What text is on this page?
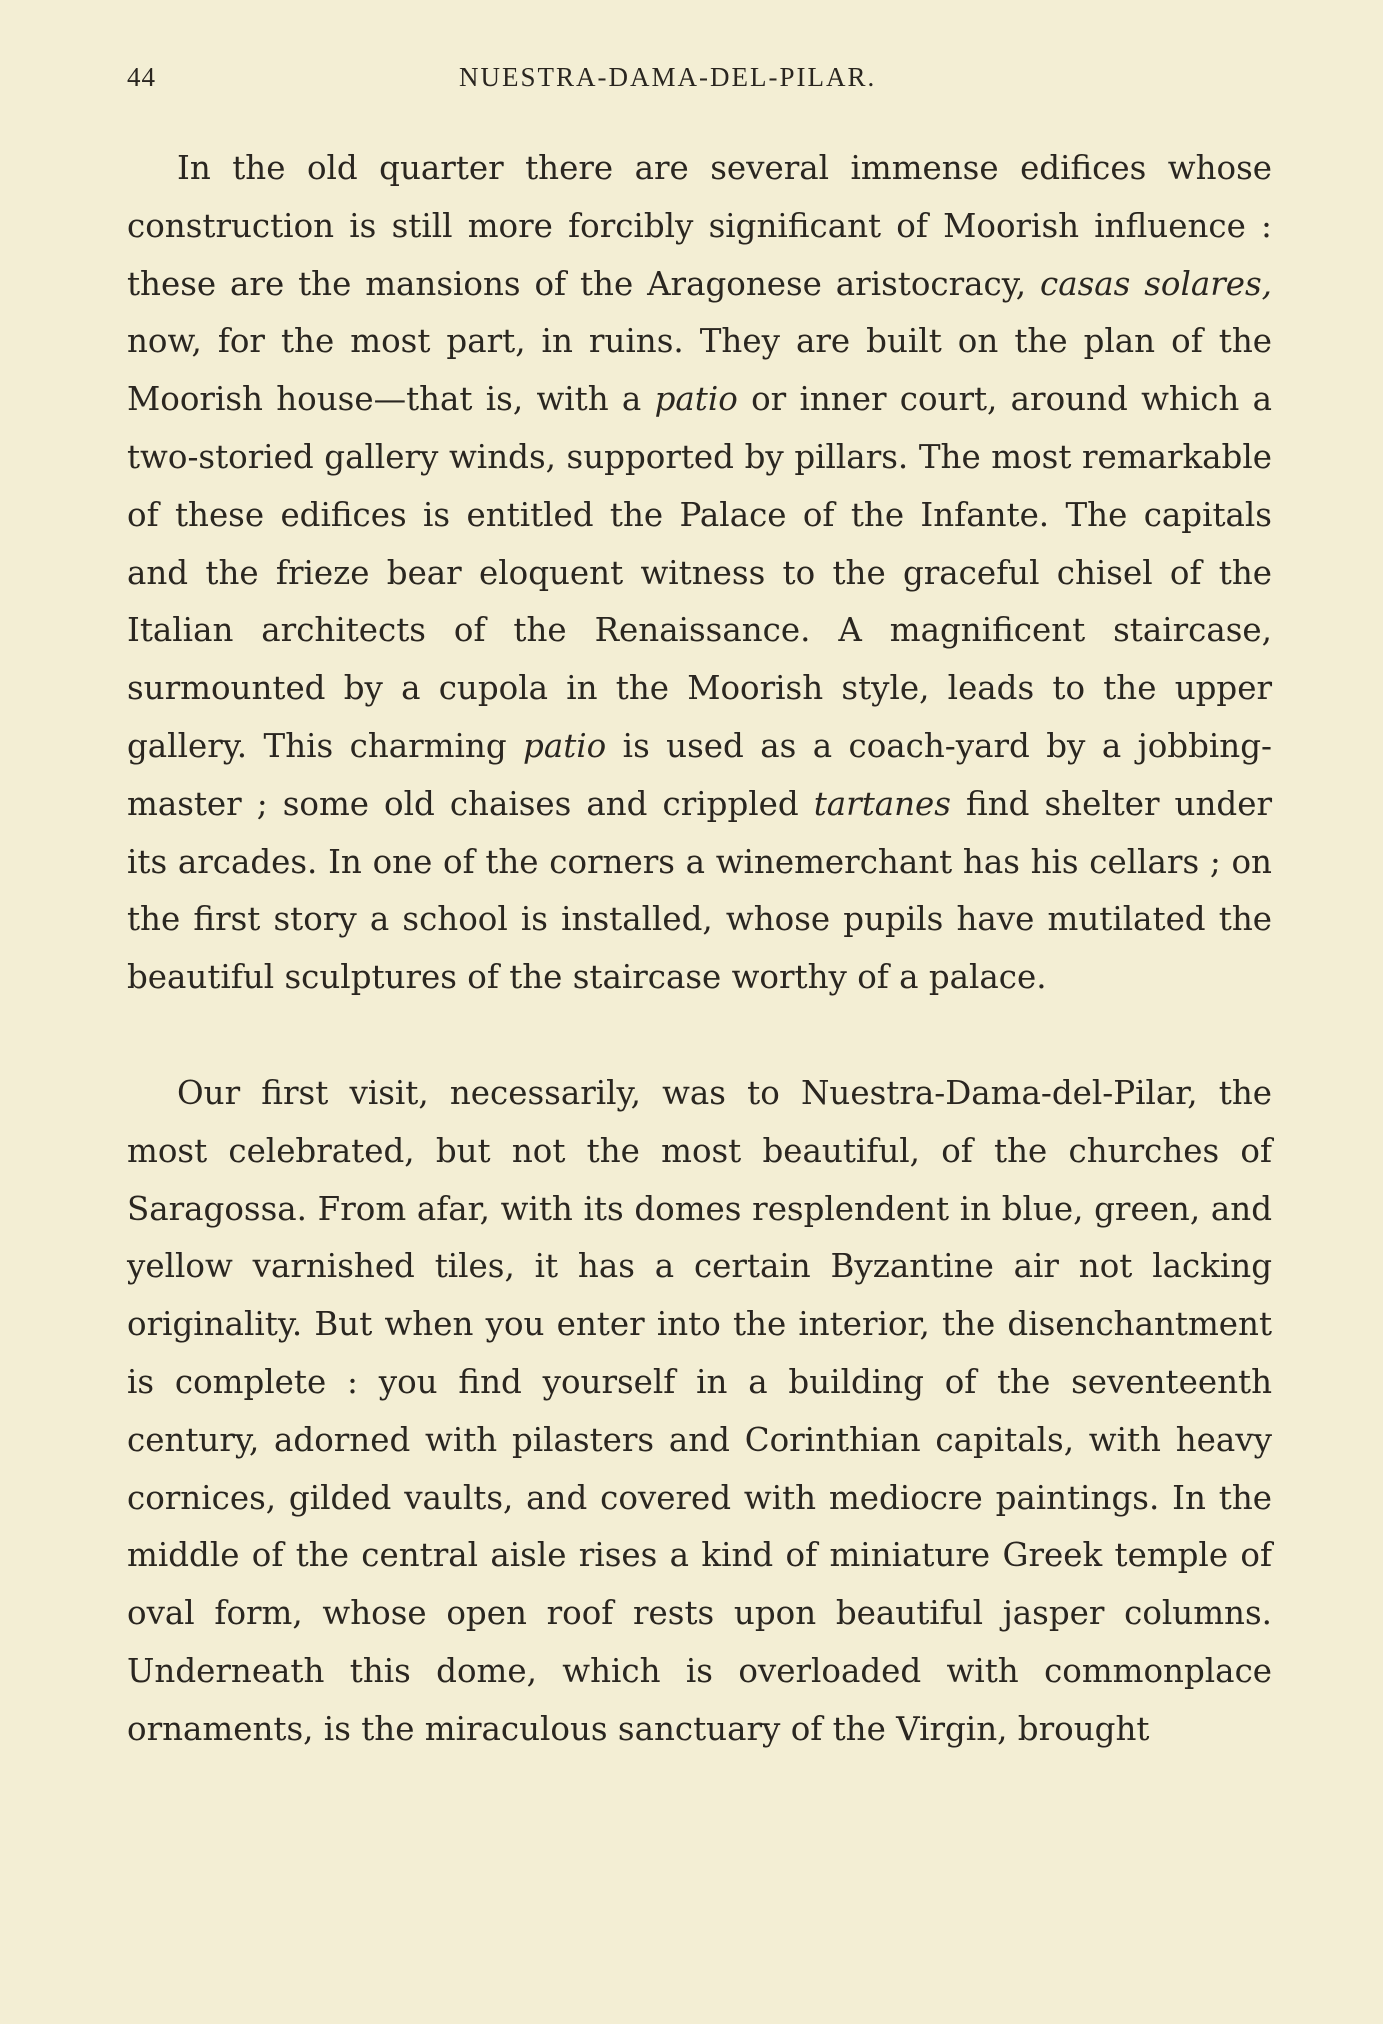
44	NUESTRA-DAMA-DEL-PILAR.

In the old quarter there are several immense edifices whose construction is still more forcibly significant of Moorish influence : these are the mansions of the Aragonese aristocracy, casas solares, now, for the most part, in ruins. They are built on the plan of the Moorish house—that is, with a patio or inner court, around which a two-storied gallery winds, supported by pillars. The most remarkable of these edifices is entitled the Palace of the Infante. The capitals and the frieze bear eloquent witness to the graceful chisel of the Italian architects of the Renaissance. A magnificent staircase, surmounted by a cupola in the Moorish style, leads to the upper gallery. This charming patio is used as a coach-yard by a jobbing-master ; some old chaises and crippled tartanes find shelter under its arcades. In one of the corners a winemerchant has his cellars ; on the first story a school is installed, whose pupils have mutilated the beautiful sculptures of the staircase worthy of a palace.

Our first visit, necessarily, was to Nuestra-Dama-del-Pilar, the most celebrated, but not the most beautiful, of the churches of Saragossa. From afar, with its domes resplendent in blue, green, and yellow varnished tiles, it has a certain Byzantine air not lacking originality. But when you enter into the interior, the disenchantment is complete : you find yourself in a building of the seventeenth century, adorned with pilasters and Corinthian capitals, with heavy cornices, gilded vaults, and covered with mediocre paintings. In the middle of the central aisle rises a kind of miniature Greek temple of oval form, whose open roof rests upon beautiful jasper columns. Underneath this dome, which is overloaded with commonplace ornaments, is the miraculous sanctuary of the Virgin, brought
